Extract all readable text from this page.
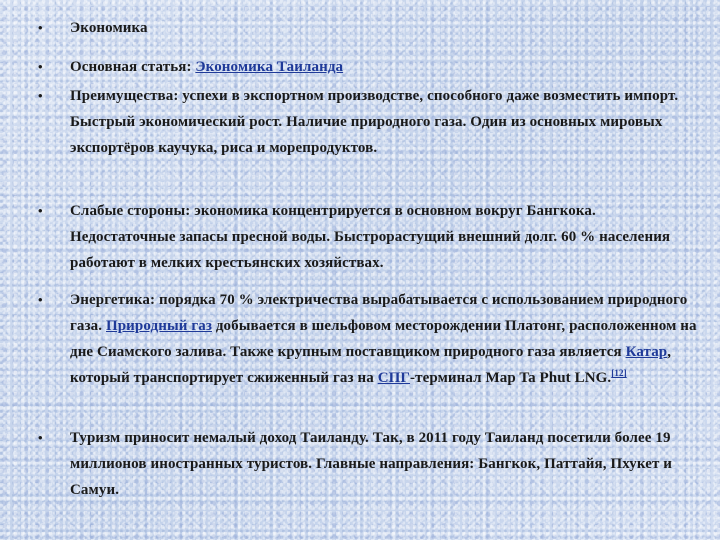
• Экономика
• Основная статья: Экономика Таиланда
• Преимущества: успехи в экспортном производстве, способного даже возместить импорт. Быстрый экономический рост. Наличие природного газа. Один из основных мировых экспортёров каучука, риса и морепродуктов.
• Слабые стороны: экономика концентрируется в основном вокруг Бангкока. Недостаточные запасы пресной воды. Быстрорастущий внешний долг. 60 % населения работают в мелких крестьянских хозяйствах.
• Энергетика: порядка 70 % электричества вырабатывается с использованием природного газа. Природный газ добывается в шельфовом месторождении Платонг, расположенном на дне Сиамского залива. Также крупным поставщиком природного газа является Катар, который транспортирует сжиженный газ на СПГ-терминал Map Ta Phut LNG.[12]
• Туризм приносит немалый доход Таиланду. Так, в 2011 году Таиланд посетили более 19 миллионов иностранных туристов. Главные направления: Бангкок, Паттайя, Пхукет и Самуи.
